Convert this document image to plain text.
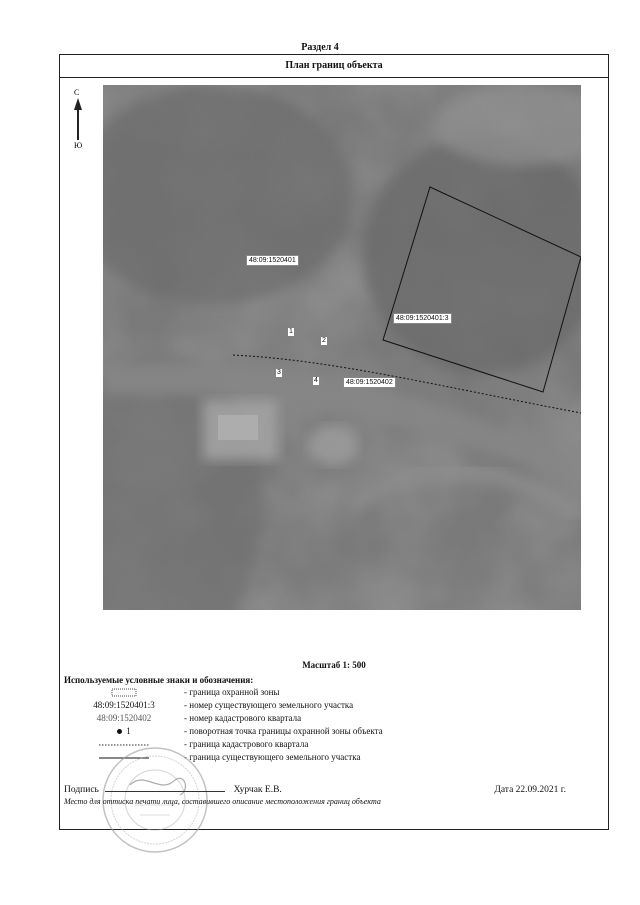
Раздел 4
План границ объекта
С
Ю
48:09:1520401
48:09:1520401:3
48:09:1520402
1
2
3
4
Масштаб 1: 500
Используемые условные знаки и обозначения:
- граница охранной зоны
48:09:1520401:3	- номер существующего земельного участка
48:09:1520402	- номер кадастрового квартала
1	- поворотная точка границы охранной зоны объекта
- граница кадастрового квартала
- граница существующего земельного участка
Подпись	Хурчак Е.В.	Дата 22.09.2021 г.
Место для оттиска печати лица, составившего описание местоположения границ объекта
